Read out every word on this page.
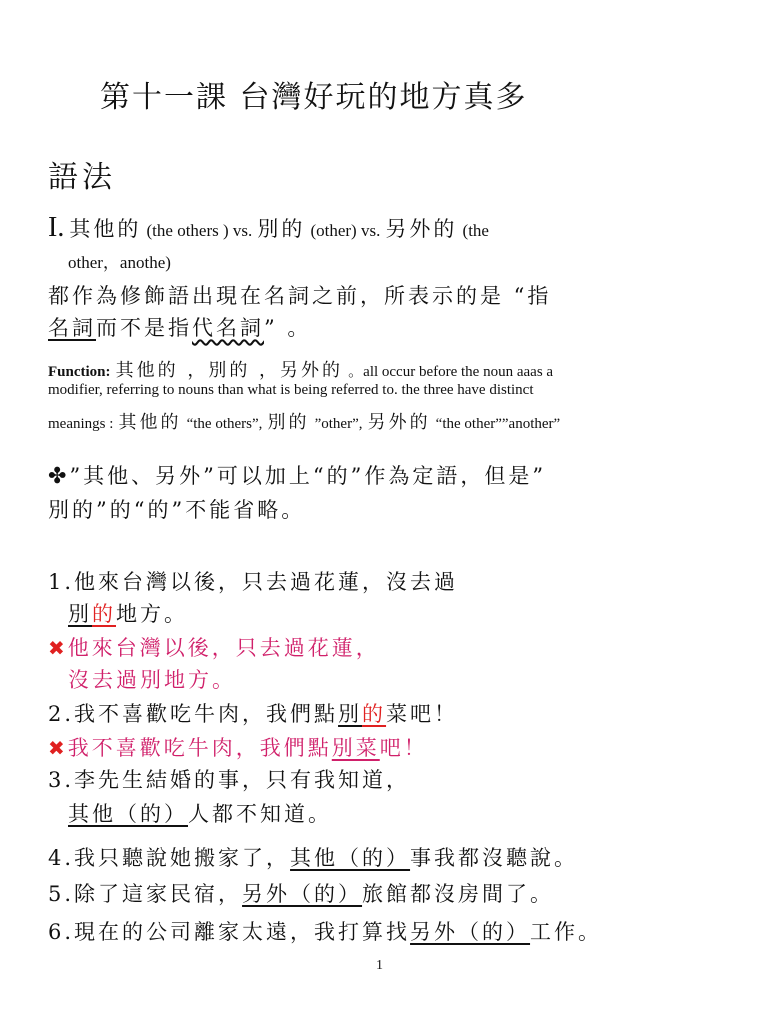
第十一課 台灣好玩的地方真多
語法
I. 其他的 (the others ) vs. 別的 (other) vs. 另外的 (the
other，anothe)
都作為修飾語出現在名詞之前，所表示的是 “指
名詞而不是指代名詞” 。
Function: 其他的 ，別的 ，另外的 。all occur before the noun aaas a
modifier, referring to nouns than what is being referred to. the three have distinct
meanings : 其他的 “the others”, 別的 ”other”, 另外的 “the other””another”
✤”其他、另外”可以加上“的”作為定語，但是”
別的”的“的”不能省略。
1.他來台灣以後，只去過花蓮，沒去過
別的地方。
✖他來台灣以後，只去過花蓮，
沒去過別地方。
2.我不喜歡吃牛肉，我們點別的菜吧！
✖我不喜歡吃牛肉，我們點別菜吧！
3.李先生結婚的事，只有我知道，
其他（的）人都不知道。
4.我只聽說她搬家了，其他（的）事我都沒聽說。
5.除了這家民宿，另外（的）旅館都沒房間了。
6.現在的公司離家太遠，我打算找另外（的）工作。
1
